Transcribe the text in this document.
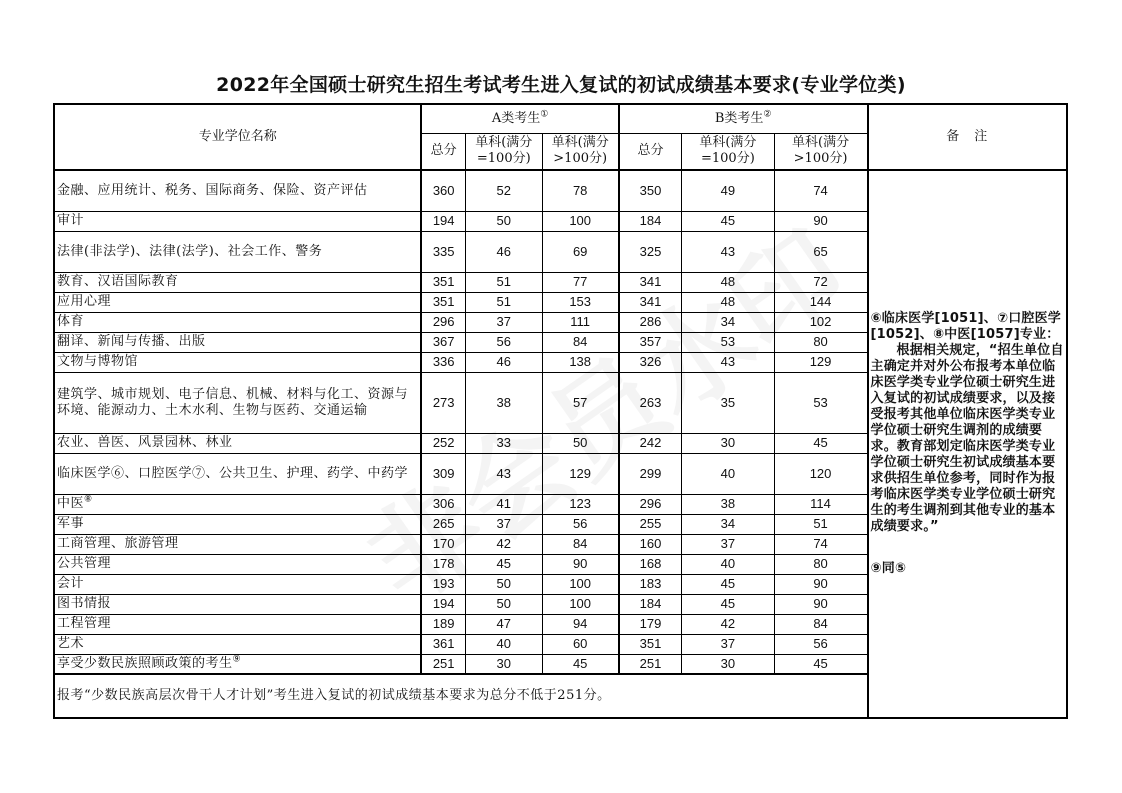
2022年全国硕士研究生招生考试考生进入复试的初试成绩基本要求(专业学位类)
专业学位名称	A类考生①			B类考生②			备　注
	总分	单科(满分=100分)	单科(满分>100分)	总分	单科(满分=100分)	单科(满分>100分)	
金融、应用统计、税务、国际商务、保险、资产评估	360	52	78	350	49	74	⑥临床医学[1051]、⑦口腔医学[1052]、⑧中医[1057]专业：

根据相关规定，“招生单位自主确定并对外公布报考本单位临床医学类专业学位硕士研究生进入复试的初试成绩要求，以及接受报考其他单位临床医学类专业学位硕士研究生调剂的成绩要求。教育部划定临床医学类专业学位硕士研究生初试成绩基本要求供招生单位参考，同时作为报考临床医学类专业学位硕士研究生的考生调剂到其他专业的基本成绩要求。”

⑨同⑤

审计	194	50	100	184	45	90	
法律(非法学)、法律(法学)、社会工作、警务	335	46	69	325	43	65	
教育、汉语国际教育	351	51	77	341	48	72	
应用心理	351	51	153	341	48	144	
体育	296	37	111	286	34	102	
翻译、新闻与传播、出版	367	56	84	357	53	80	
文物与博物馆	336	46	138	326	43	129	
建筑学、城市规划、电子信息、机械、材料与化工、资源与环境、能源动力、土木水利、生物与医药、交通运输	273	38	57	263	35	53	
农业、兽医、风景园林、林业	252	33	50	242	30	45	
临床医学⑥、口腔医学⑦、公共卫生、护理、药学、中药学	309	43	129	299	40	120	
中医⑧	306	41	123	296	38	114	
军事	265	37	56	255	34	51	
工商管理、旅游管理	170	42	84	160	37	74	
公共管理	178	45	90	168	40	80	
会计	193	50	100	183	45	90	
图书情报	194	50	100	184	45	90	
工程管理	189	47	94	179	42	84	
艺术	361	40	60	351	37	56	
享受少数民族照顾政策的考生⑨	251	30	45	251	30	45	
报考“少数民族高层次骨干人才计划”考生进入复试的初试成绩基本要求为总分不低于251分。							
